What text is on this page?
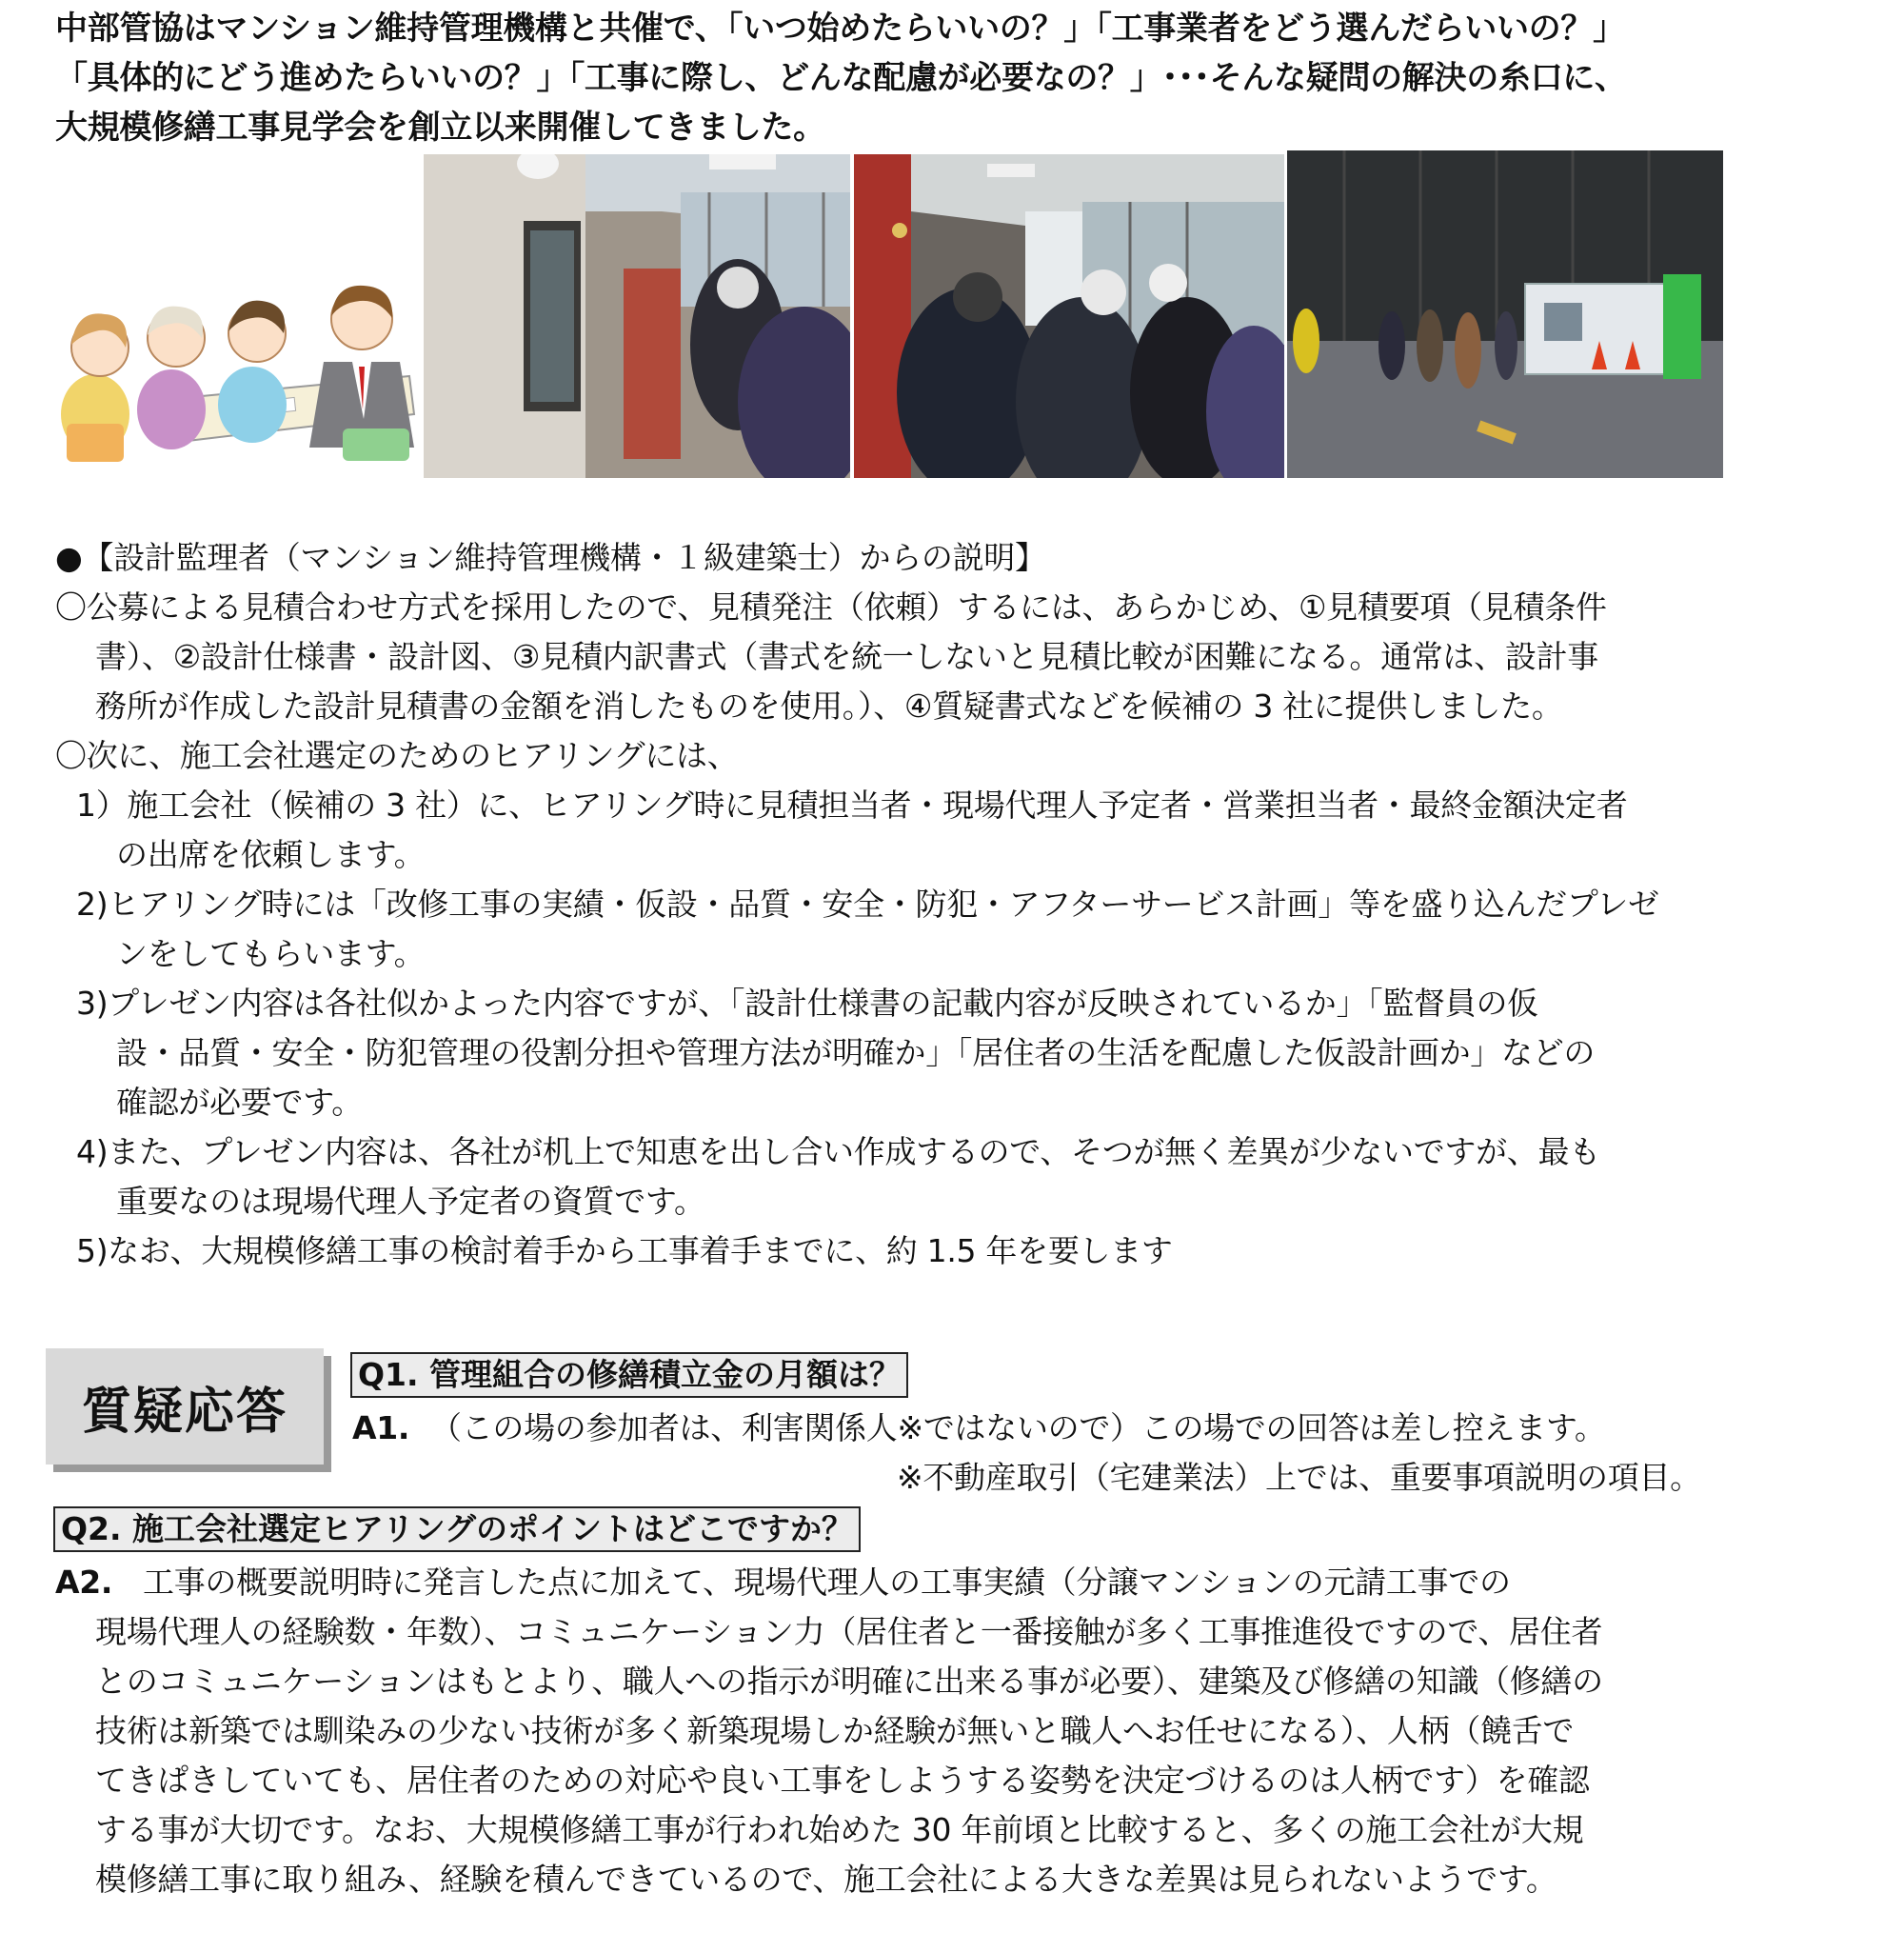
中部管協はマンション維持管理機構と共催で、「いつ始めたらいいの？」「工事業者をどう選んだらいいの？」

「具体的にどう進めたらいいの？」「工事に際し、どんな配慮が必要なの？」･･･そんな疑問の解決の糸口に、

大規模修繕工事見学会を創立以来開催してきました。

●【設計監理者（マンション維持管理機構・１級建築士）からの説明】

〇公募による見積合わせ方式を採用したので、見積発注（依頼）するには、あらかじめ、①見積要項（見積条件

書）、②設計仕様書・設計図、③見積内訳書式（書式を統一しないと見積比較が困難になる。通常は、設計事

務所が作成した設計見積書の金額を消したものを使用。）、④質疑書式などを候補の 3 社に提供しました。

〇次に、施工会社選定のためのヒアリングには、

1）施工会社（候補の 3 社）に、ヒアリング時に見積担当者・現場代理人予定者・営業担当者・最終金額決定者

の出席を依頼します。

2)ヒアリング時には「改修工事の実績・仮設・品質・安全・防犯・アフターサービス計画」等を盛り込んだプレゼ

ンをしてもらいます。

3)プレゼン内容は各社似かよった内容ですが、「設計仕様書の記載内容が反映されているか」「監督員の仮

設・品質・安全・防犯管理の役割分担や管理方法が明確か」「居住者の生活を配慮した仮設計画か」などの

確認が必要です。

4)また、プレゼン内容は、各社が机上で知恵を出し合い作成するので、そつが無く差異が少ないですが、最も

重要なのは現場代理人予定者の資質です。

5)なお、大規模修繕工事の検討着手から工事着手までに、約 1.5 年を要します

質疑応答
Q1. 管理組合の修繕積立金の月額は？

A1. （この場の参加者は、利害関係人※ではないので）この場での回答は差し控えます。

※不動産取引（宅建業法）上では、重要事項説明の項目。

Q2. 施工会社選定ヒアリングのポイントはどこですか？

A2. 工事の概要説明時に発言した点に加えて、現場代理人の工事実績（分譲マンションの元請工事での

現場代理人の経験数・年数）、コミュニケーション力（居住者と一番接触が多く工事推進役ですので、居住者

とのコミュニケーションはもとより、職人への指示が明確に出来る事が必要）、建築及び修繕の知識（修繕の

技術は新築では馴染みの少ない技術が多く新築現場しか経験が無いと職人へお任せになる）、人柄（饒舌で

てきぱきしていても、居住者のための対応や良い工事をしようする姿勢を決定づけるのは人柄です）を確認

する事が大切です。なお、大規模修繕工事が行われ始めた 30 年前頃と比較すると、多くの施工会社が大規

模修繕工事に取り組み、経験を積んできているので、施工会社による大きな差異は見られないようです。
